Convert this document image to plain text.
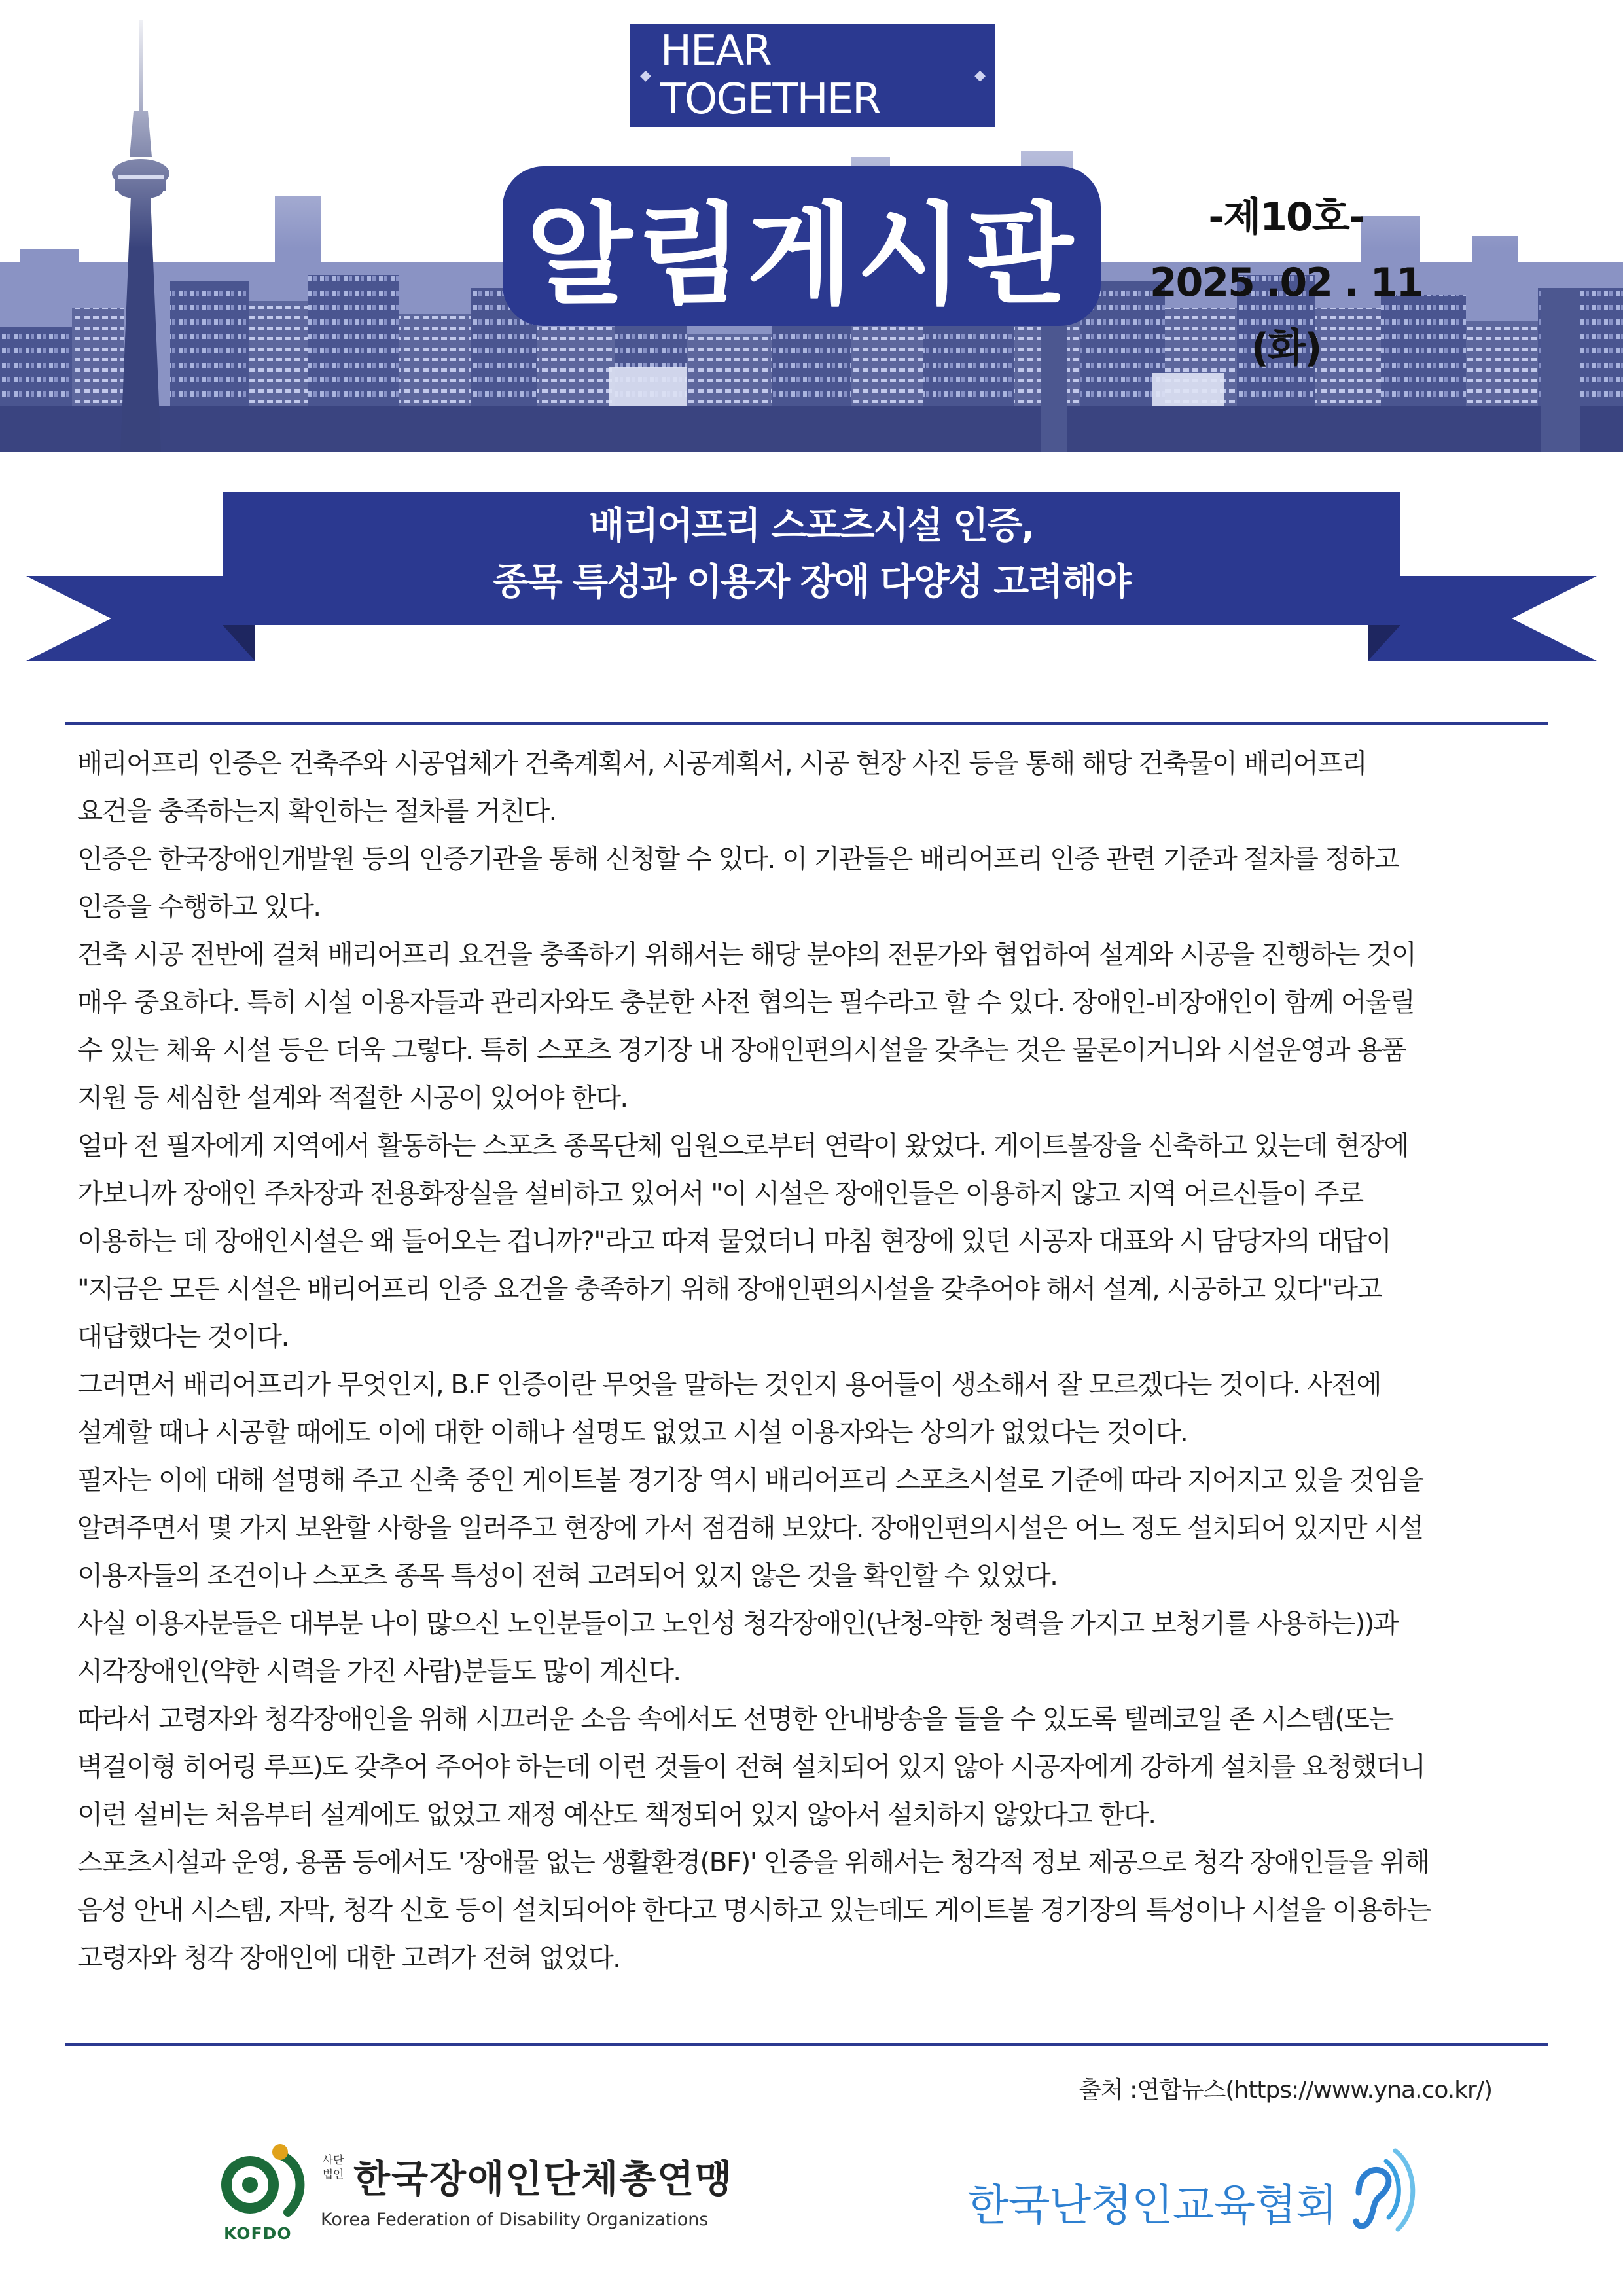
◆ HEAR TOGETHER	◆
알림게시판	-제10호-
2025 .02 . 11 (화)
배리어프리 스포츠시설 인증,
종목 특성과 이용자 장애 다양성 고려해야
배리어프리 인증은 건축주와 시공업체가 건축계획서, 시공계획서, 시공 현장 사진 등을 통해 해당 건축물이 배리어프리
요건을 충족하는지 확인하는 절차를 거친다.
인증은 한국장애인개발원 등의 인증기관을 통해 신청할 수 있다. 이 기관들은 배리어프리 인증 관련 기준과 절차를 정하고
인증을 수행하고 있다.
건축 시공 전반에 걸쳐 배리어프리 요건을 충족하기 위해서는 해당 분야의 전문가와 협업하여 설계와 시공을 진행하는 것이
매우 중요하다. 특히 시설 이용자들과 관리자와도 충분한 사전 협의는 필수라고 할 수 있다. 장애인-비장애인이 함께 어울릴
수 있는 체육 시설 등은 더욱 그렇다. 특히 스포츠 경기장 내 장애인편의시설을 갖추는 것은 물론이거니와 시설운영과 용품
지원 등 세심한 설계와 적절한 시공이 있어야 한다.
얼마 전 필자에게 지역에서 활동하는 스포츠 종목단체 임원으로부터 연락이 왔었다. 게이트볼장을 신축하고 있는데 현장에
가보니까 장애인 주차장과 전용화장실을 설비하고 있어서 "이 시설은 장애인들은 이용하지 않고 지역 어르신들이 주로
이용하는 데 장애인시설은 왜 들어오는 겁니까?"라고 따져 물었더니 마침 현장에 있던 시공자 대표와 시 담당자의 대답이
"지금은 모든 시설은 배리어프리 인증 요건을 충족하기 위해 장애인편의시설을 갖추어야 해서 설계, 시공하고 있다"라고
대답했다는 것이다.
그러면서 배리어프리가 무엇인지, B.F 인증이란 무엇을 말하는 것인지 용어들이 생소해서 잘 모르겠다는 것이다. 사전에
설계할 때나 시공할 때에도 이에 대한 이해나 설명도 없었고 시설 이용자와는 상의가 없었다는 것이다.
필자는 이에 대해 설명해 주고 신축 중인 게이트볼 경기장 역시 배리어프리 스포츠시설로 기준에 따라 지어지고 있을 것임을
알려주면서 몇 가지 보완할 사항을 일러주고 현장에 가서 점검해 보았다. 장애인편의시설은 어느 정도 설치되어 있지만 시설
이용자들의 조건이나 스포츠 종목 특성이 전혀 고려되어 있지 않은 것을 확인할 수 있었다.
사실 이용자분들은 대부분 나이 많으신 노인분들이고 노인성 청각장애인(난청-약한 청력을 가지고 보청기를 사용하는))과
시각장애인(약한 시력을 가진 사람)분들도 많이 계신다.
따라서 고령자와 청각장애인을 위해 시끄러운 소음 속에서도 선명한 안내방송을 들을 수 있도록 텔레코일 존 시스템(또는
벽걸이형 히어링 루프)도 갖추어 주어야 하는데 이런 것들이 전혀 설치되어 있지 않아 시공자에게 강하게 설치를 요청했더니
이런 설비는 처음부터 설계에도 없었고 재정 예산도 책정되어 있지 않아서 설치하지 않았다고 한다.
스포츠시설과 운영, 용품 등에서도 '장애물 없는 생활환경(BF)' 인증을 위해서는 청각적 정보 제공으로 청각 장애인들을 위해
음성 안내 시스템, 자막, 청각 신호 등이 설치되어야 한다고 명시하고 있는데도 게이트볼 경기장의 특성이나 시설을 이용하는
고령자와 청각 장애인에 대한 고려가 전혀 없었다.
출처 :연합뉴스(https://www.yna.co.kr/)
KOFDO
사단 법인 한국장애인단체총연맹
Korea Federation of Disability Organizations	한국난청인교육협회
